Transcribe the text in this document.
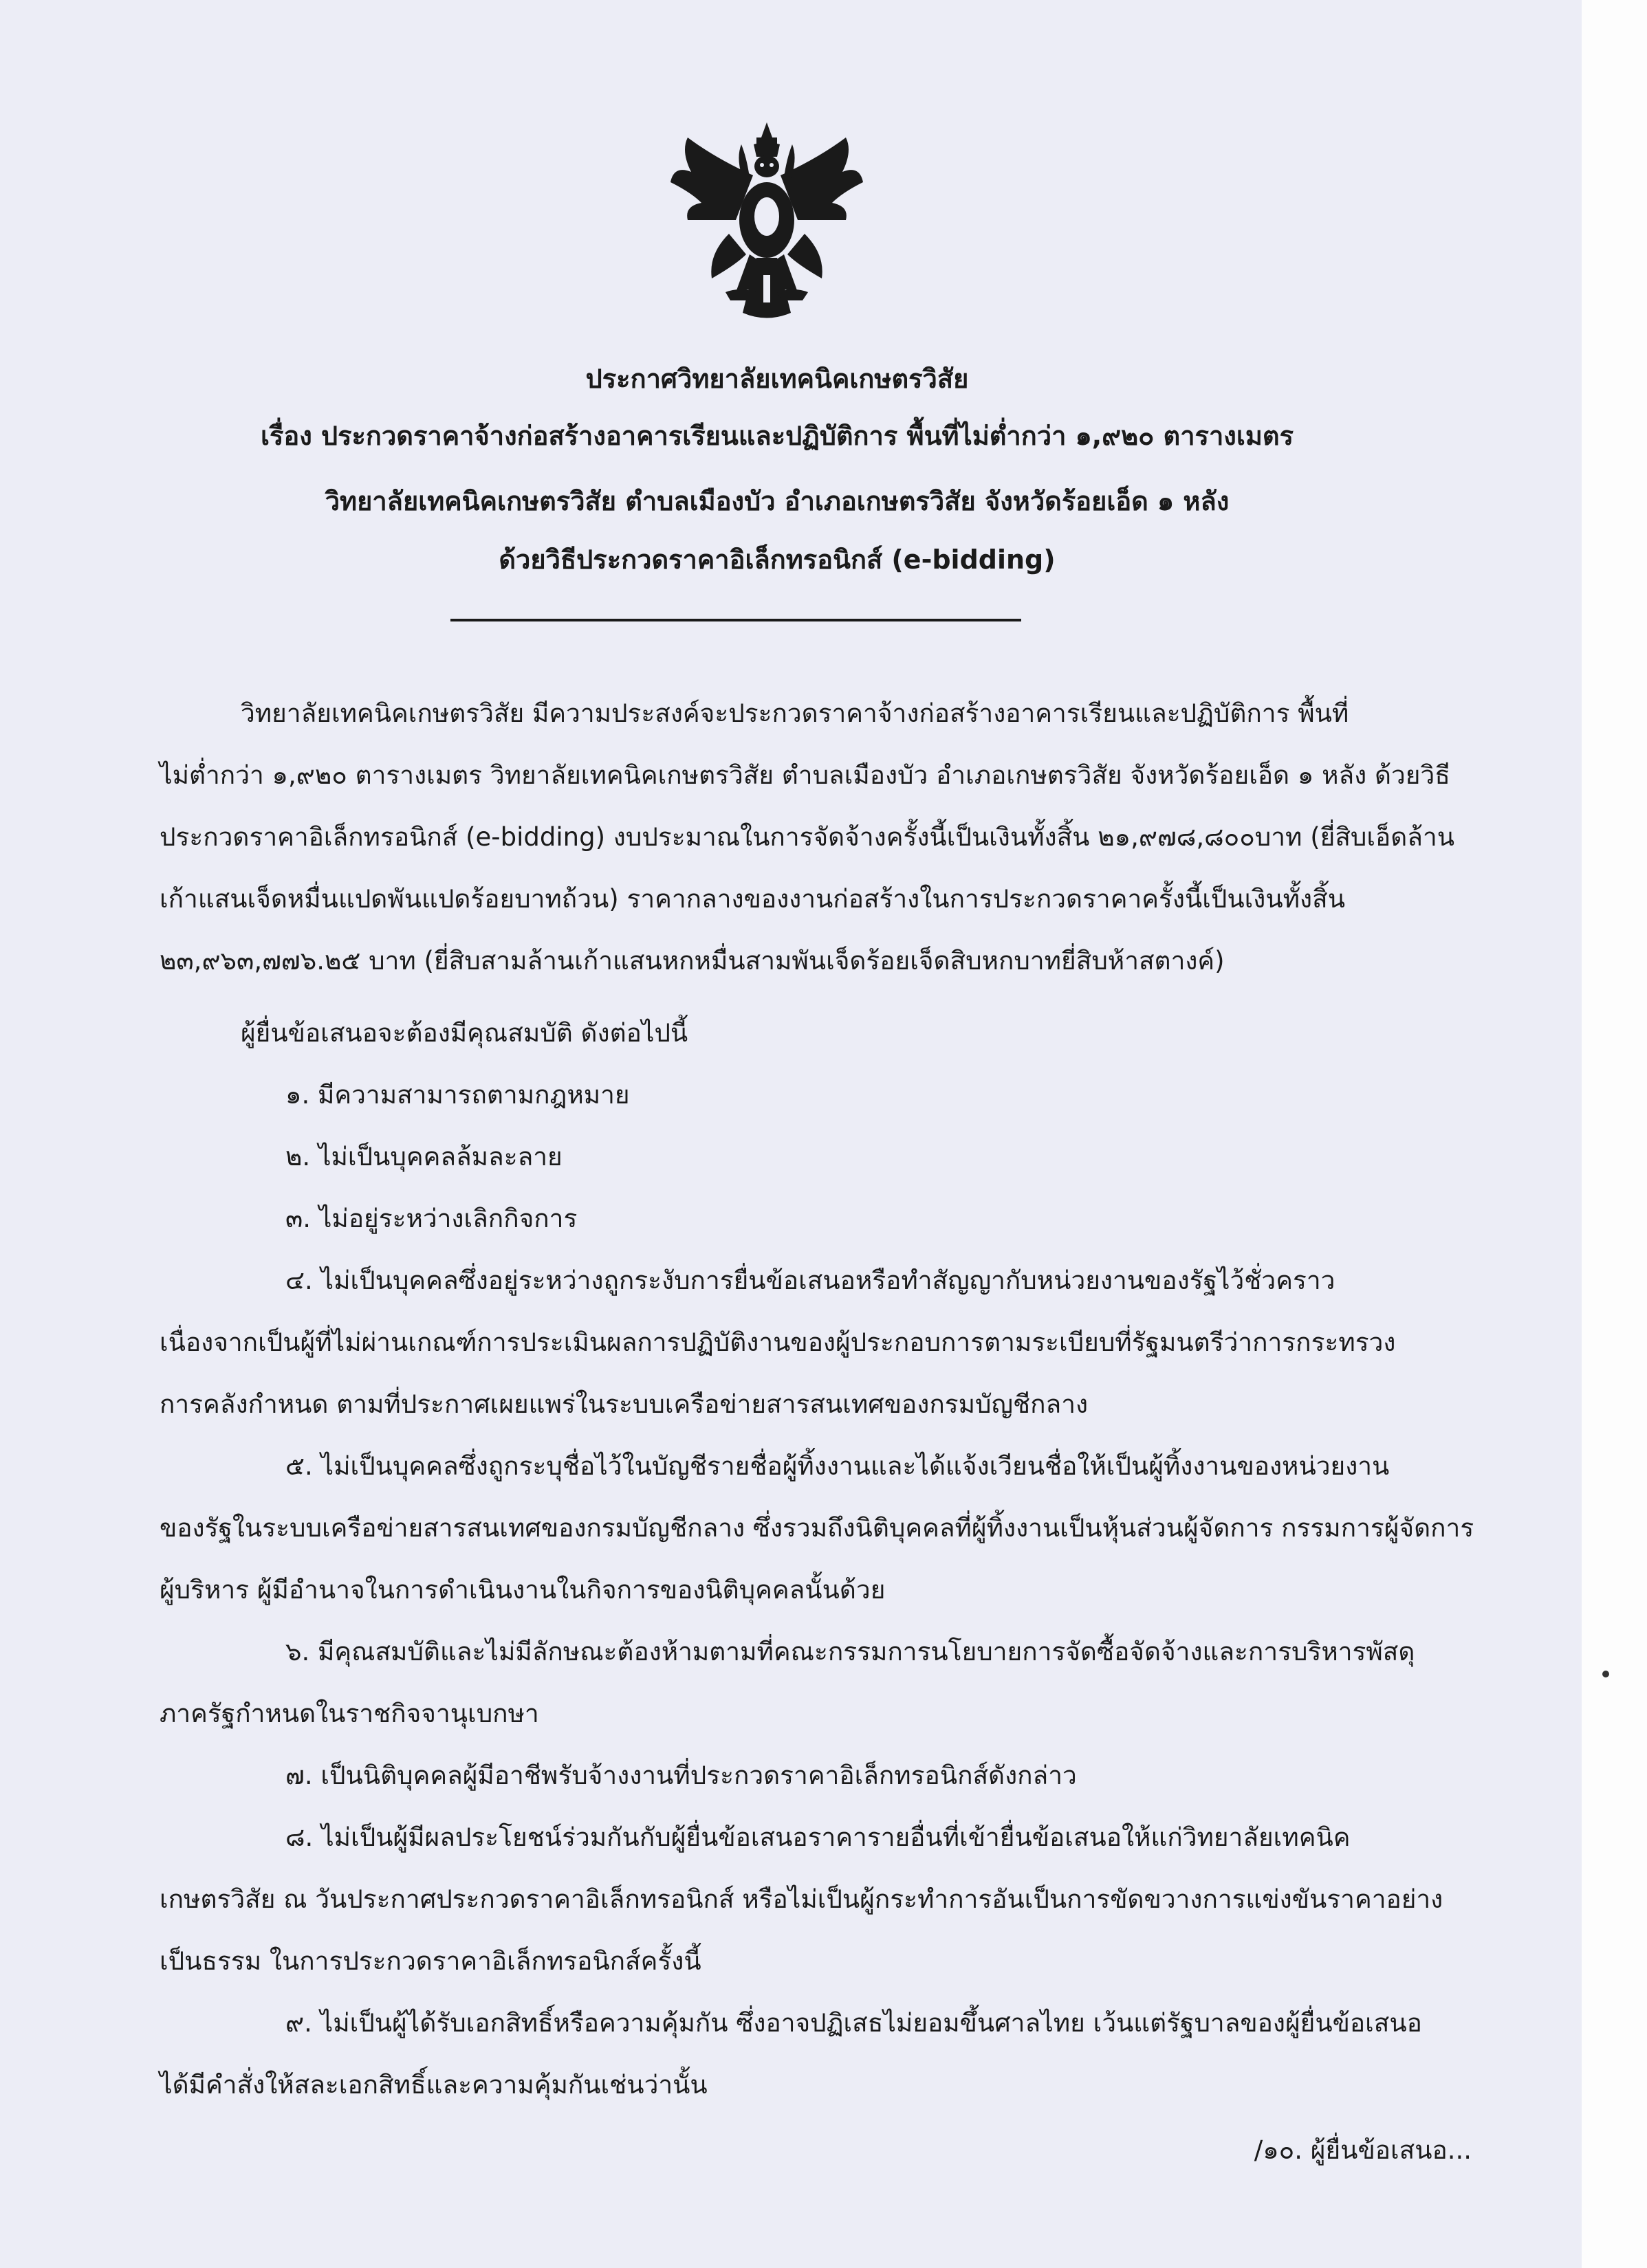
ประกาศวิทยาลัยเทคนิคเกษตรวิสัย
เรื่อง ประกวดราคาจ้างก่อสร้างอาคารเรียนและปฏิบัติการ พื้นที่ไม่ต่ำกว่า ๑,๙๒๐ ตารางเมตร
วิทยาลัยเทคนิคเกษตรวิสัย ตำบลเมืองบัว อำเภอเกษตรวิสัย จังหวัดร้อยเอ็ด ๑ หลัง
ด้วยวิธีประกวดราคาอิเล็กทรอนิกส์ (e-bidding)
วิทยาลัยเทคนิคเกษตรวิสัย มีความประสงค์จะประกวดราคาจ้างก่อสร้างอาคารเรียนและปฏิบัติการ พื้นที่
ไม่ต่ำกว่า ๑,๙๒๐ ตารางเมตร วิทยาลัยเทคนิคเกษตรวิสัย ตำบลเมืองบัว อำเภอเกษตรวิสัย จังหวัดร้อยเอ็ด ๑ หลัง ด้วยวิธี
ประกวดราคาอิเล็กทรอนิกส์ (e-bidding) งบประมาณในการจัดจ้างครั้งนี้เป็นเงินทั้งสิ้น ๒๑,๙๗๘,๘๐๐บาท (ยี่สิบเอ็ดล้าน
เก้าแสนเจ็ดหมื่นแปดพันแปดร้อยบาทถ้วน) ราคากลางของงานก่อสร้างในการประกวดราคาครั้งนี้เป็นเงินทั้งสิ้น
๒๓,๙๖๓,๗๗๖.๒๕ บาท (ยี่สิบสามล้านเก้าแสนหกหมื่นสามพันเจ็ดร้อยเจ็ดสิบหกบาทยี่สิบห้าสตางค์)
ผู้ยื่นข้อเสนอจะต้องมีคุณสมบัติ ดังต่อไปนี้
๑. มีความสามารถตามกฎหมาย
๒. ไม่เป็นบุคคลล้มละลาย
๓. ไม่อยู่ระหว่างเลิกกิจการ
๔. ไม่เป็นบุคคลซึ่งอยู่ระหว่างถูกระงับการยื่นข้อเสนอหรือทำสัญญากับหน่วยงานของรัฐไว้ชั่วคราว
เนื่องจากเป็นผู้ที่ไม่ผ่านเกณฑ์การประเมินผลการปฏิบัติงานของผู้ประกอบการตามระเบียบที่รัฐมนตรีว่าการกระทรวง
การคลังกำหนด ตามที่ประกาศเผยแพร่ในระบบเครือข่ายสารสนเทศของกรมบัญชีกลาง
๕. ไม่เป็นบุคคลซึ่งถูกระบุชื่อไว้ในบัญชีรายชื่อผู้ทิ้งงานและได้แจ้งเวียนชื่อให้เป็นผู้ทิ้งงานของหน่วยงาน
ของรัฐในระบบเครือข่ายสารสนเทศของกรมบัญชีกลาง ซึ่งรวมถึงนิติบุคคลที่ผู้ทิ้งงานเป็นหุ้นส่วนผู้จัดการ กรรมการผู้จัดการ
ผู้บริหาร ผู้มีอำนาจในการดำเนินงานในกิจการของนิติบุคคลนั้นด้วย
๖. มีคุณสมบัติและไม่มีลักษณะต้องห้ามตามที่คณะกรรมการนโยบายการจัดซื้อจัดจ้างและการบริหารพัสดุ
ภาครัฐกำหนดในราชกิจจานุเบกษา
๗. เป็นนิติบุคคลผู้มีอาชีพรับจ้างงานที่ประกวดราคาอิเล็กทรอนิกส์ดังกล่าว
๘. ไม่เป็นผู้มีผลประโยชน์ร่วมกันกับผู้ยื่นข้อเสนอราคารายอื่นที่เข้ายื่นข้อเสนอให้แก่วิทยาลัยเทคนิค
เกษตรวิสัย ณ วันประกาศประกวดราคาอิเล็กทรอนิกส์ หรือไม่เป็นผู้กระทำการอันเป็นการขัดขวางการแข่งขันราคาอย่าง
เป็นธรรม ในการประกวดราคาอิเล็กทรอนิกส์ครั้งนี้
๙. ไม่เป็นผู้ได้รับเอกสิทธิ์หรือความคุ้มกัน ซึ่งอาจปฏิเสธไม่ยอมขึ้นศาลไทย เว้นแต่รัฐบาลของผู้ยื่นข้อเสนอ
ได้มีคำสั่งให้สละเอกสิทธิ์และความคุ้มกันเช่นว่านั้น
/๑๐. ผู้ยื่นข้อเสนอ...
